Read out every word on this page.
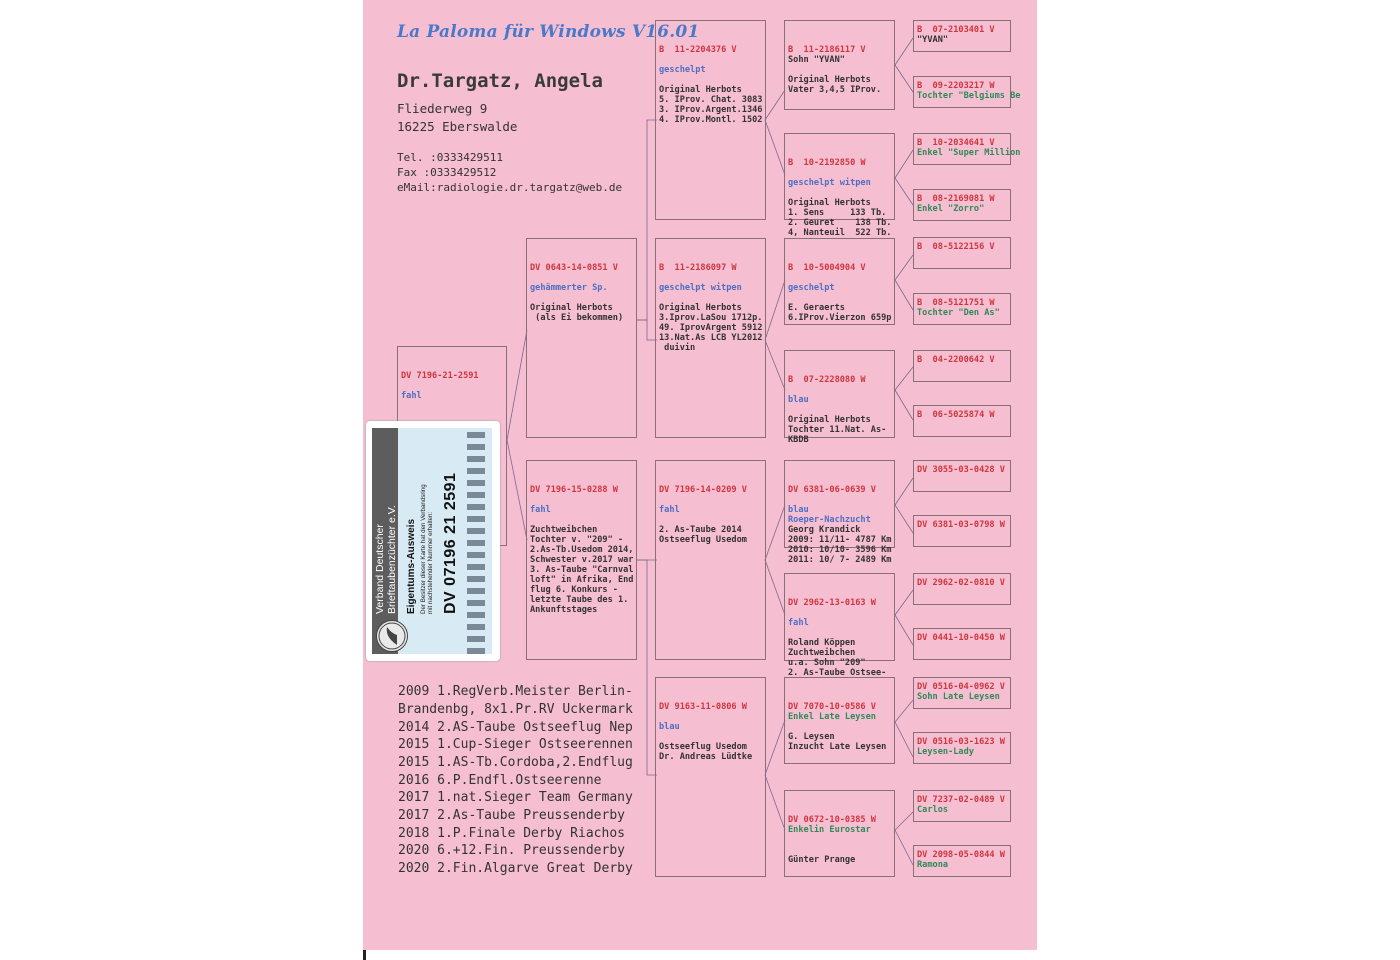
La Paloma für Windows V16.01
Dr.Targatz, Angela
Fliederweg 9
16225 Eberswalde
Tel. :0333429511
Fax :0333429512
eMail:radiologie.dr.targatz@web.de

DV 7196-21-2591
fahl

DV 0643-14-0851 V
gehämmerter Sp.
Original Herbots
(als Ei bekommen)

DV 7196-15-0288 W
fahl
Zuchtweibchen
Tochter v. "209" -
2.As-Tb.Usedom 2014,
Schwester v.2017 war
3. As-Taube "Carnval
loft" in Afrika, End
flug 6. Konkurs -
letzte Taube des 1.
Ankunftstages

B  11-2204376 V
geschelpt
Original Herbots
5. IProv. Chat. 3083
3. IProv.Argent.1346
4. IProv.Montl. 1502

B  11-2186097 W
geschelpt witpen
Original Herbots
3.Iprov.LaSou 1712p.
49. IprovArgent 5912
13.Nat.As LCB YL2012
duivin

DV 7196-14-0209 V
fahl
2. As-Taube 2014
Ostseeflug Usedom

DV 9163-11-0806 W
blau
Ostseeflug Usedom
Dr. Andreas Lüdtke

B  11-2186117 V
Sohn "YVAN"
Original Herbots
Vater 3,4,5 IProv.

B  10-2192850 W
geschelpt witpen
Original Herbots
1. Sens     133 Tb.
2. Geuret    138 Tb.
4, Nanteuil  522 Tb.

B  10-5004904 V
geschelpt
E. Geraerts
6.IProv.Vierzon 659p

B  07-2228080 W
blau
Original Herbots
Tochter 11.Nat. As-
KBDB

DV 6381-06-0639 V
blau
Roeper-Nachzucht
Georg Krandick
2009: 11/11- 4787 Km
2010: 10/10- 3596 Km
2011: 10/ 7- 2489 Km

DV 2962-13-0163 W
fahl
Roland Köppen
Zuchtweibchen
u.a. Sohn "209"
2. As-Taube Ostsee-

DV 7070-10-0586 V
Enkel Late Leysen
G. Leysen
Inzucht Late Leysen

DV 0672-10-0385 W
Enkelin Eurostar
Günter Prange

B  07-2103401 V
"YVAN"
B  09-2203217 W
Tochter "Belgiums Be
B  10-2034641 V
Enkel "Super Million
B  08-2169081 W
Enkel "Zorro"
B  08-5122156 V
B  08-5121751 W
Tochter "Den As"
B  04-2200642 V
B  06-5025874 W
DV 3055-03-0428 V
DV 6381-03-0798 W
DV 2962-02-0810 V
DV 0441-10-0450 W
DV 0516-04-0962 V
Sohn Late Leysen
DV 0516-03-1623 W
Leysen-Lady
DV 7237-02-0489 V
Carlos
DV 2098-05-0844 W
Ramona
2009 1.RegVerb.Meister Berlin-
Brandenbg, 8x1.Pr.RV Uckermark
2014 2.AS-Taube Ostseeflug Nep
2015 1.Cup-Sieger Ostseerennen
2015 1.AS-Tb.Cordoba,2.Endflug
2016 6.P.Endfl.Ostseerenne
2017 1.nat.Sieger Team Germany
2017 2.As-Taube Preussenderby
2018 1.P.Finale Derby Riachos
2020 6.+12.Fin. Preussenderby
2020 2.Fin.Algarve Great Derby
Verband Deutscher
Brieftaubenzüchter e.V. Eigentums-Ausweis Der Besitzer dieser Karte hat den Verbandsring
mit nachstehender Nummer erhalten: DV 07196 21 2591
